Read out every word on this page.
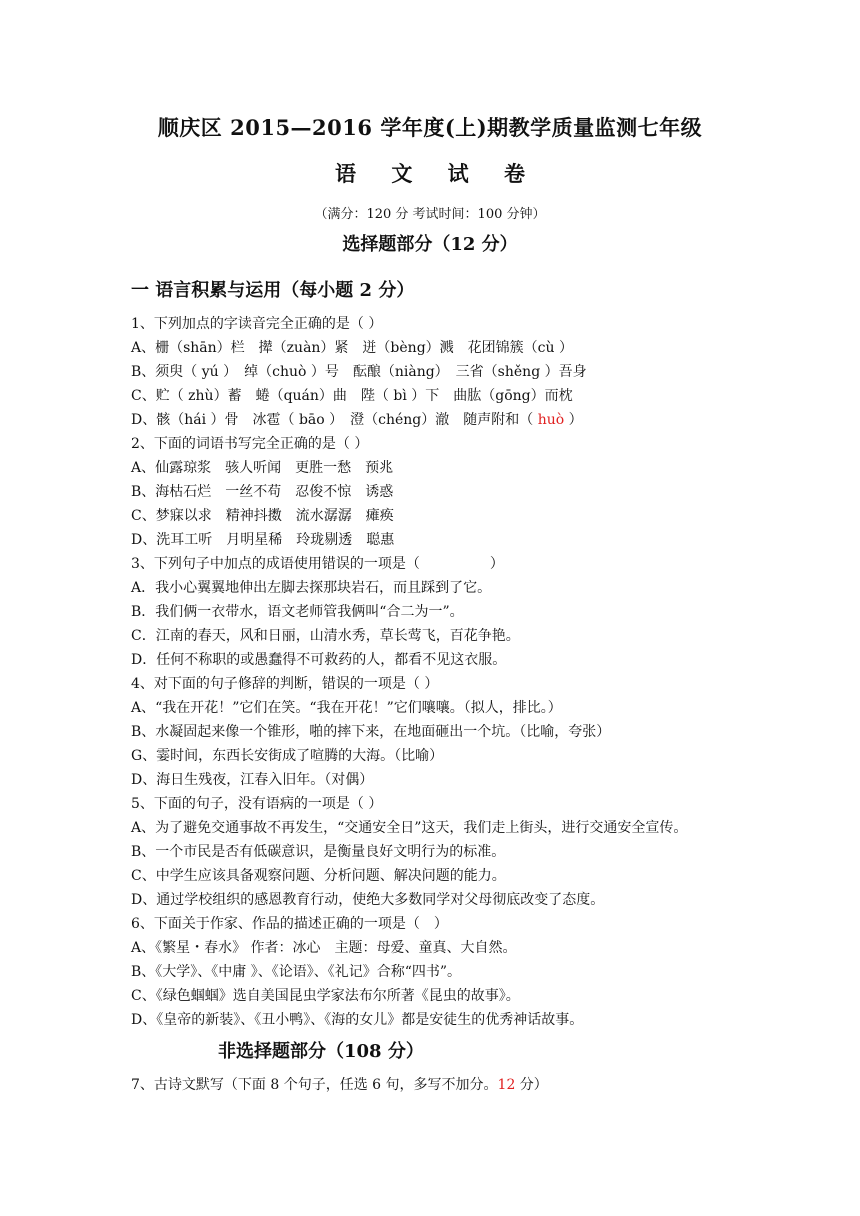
顺庆区 2015—2016 学年度(上)期教学质量监测七年级
语 文 试 卷
（满分：120 分 考试时间：100 分钟）
选择题部分（12 分）
一 语言积累与运用（每小题 2 分）
1、下列加点的字读音完全正确的是（ ）
A、栅（shān）栏　撵（zuàn）紧　迸（bèng）溅　花团锦簇（cù ）
B、须臾（ yú ）　绰（chuò ）号　酝酿（niàng）　三省（shěng ）吾身
C、贮（ zhù）蓄　蜷（quán）曲　陛（ bì ）下　曲肱（gōng）而枕
D、骸（hái ）骨　冰雹（ bāo ）　澄（chéng）澈　随声附和（ huò ）
2、下面的词语书写完全正确的是（ ）
A、仙露琼浆　骇人听闻　更胜一愁　预兆
B、海枯石烂　一丝不苟　忍俊不惊　诱惑
C、梦寐以求　精神抖擞　流水潺潺　瘫痪
D、洗耳工听　月明星稀　玲珑剔透　聪惠
3、下列句子中加点的成语使用错误的一项是（　　　　　）
A．我小心翼翼地伸出左脚去探那块岩石，而且踩到了它。
B．我们俩一衣带水，语文老师管我俩叫“合二为一”。
C．江南的春天，风和日丽，山清水秀，草长莺飞，百花争艳。
D．任何不称职的或愚蠢得不可救药的人，都看不见这衣服。
4、对下面的句子修辞的判断，错误的一项是（ ）
A、“我在开花！”它们在笑。“我在开花！”它们嚷嚷。（拟人，排比。）
B、水凝固起来像一个锥形，啪的摔下来，在地面砸出一个坑。（比喻，夸张）
G、霎时间，东西长安街成了喧腾的大海。（比喻）
D、海日生残夜，江春入旧年。（对偶）
5、下面的句子，没有语病的一项是（ ）
A、为了避免交通事故不再发生，“交通安全日”这天，我们走上街头，进行交通安全宣传。
B、一个市民是否有低碳意识，是衡量良好文明行为的标准。
C、中学生应该具备观察问题、分析问题、解决问题的能力。
D、通过学校组织的感恩教育行动，使绝大多数同学对父母彻底改变了态度。
6、下面关于作家、作品的描述正确的一项是（　）
A、《繁星・春水》 作者：冰心　主题：母爱、童真、大自然。
B、《大学》、《中庸 》、《论语》、《礼记》合称“四书”。
C、《绿色蝈蝈》选自美国昆虫学家法布尔所著《昆虫的故事》。
D、《皇帝的新装》、《丑小鸭》、《海的女儿》都是安徒生的优秀神话故事。
非选择题部分（108 分）
7、古诗文默写（下面 8 个句子，任选 6 句，多写不加分。12 分）
